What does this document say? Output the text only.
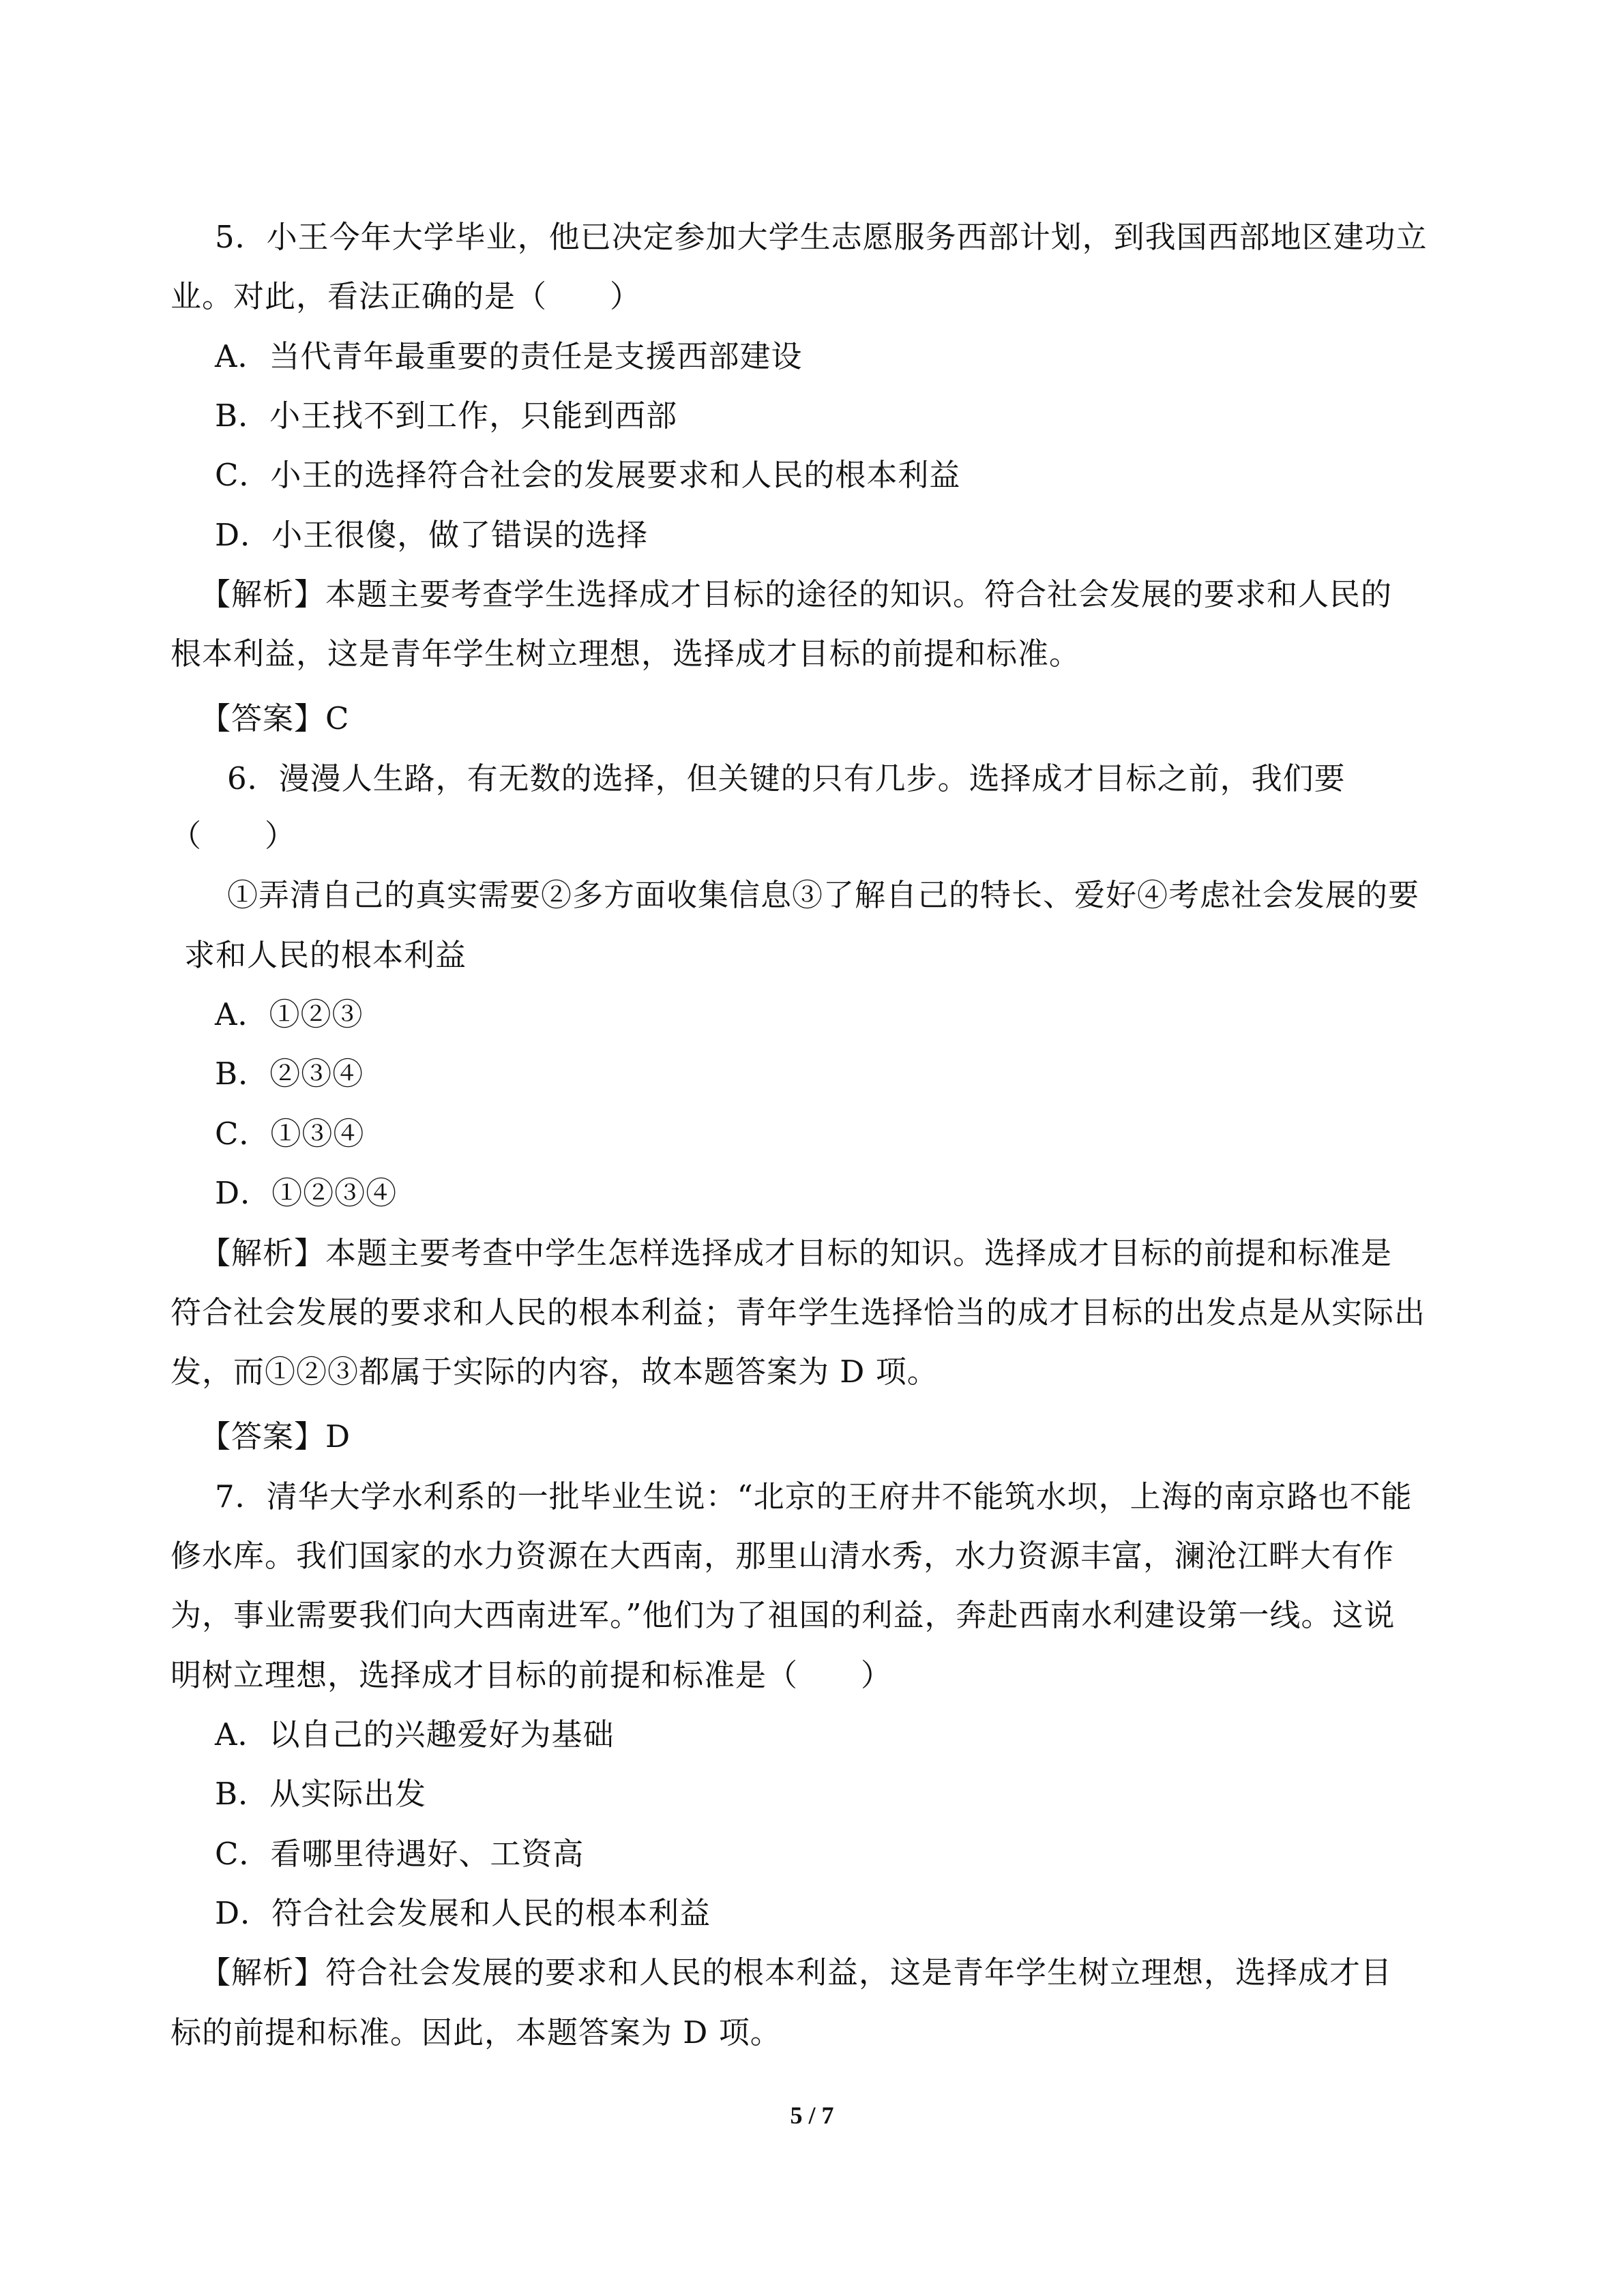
5．小王今年大学毕业，他已决定参加大学生志愿服务西部计划，到我国西部地区建功立
业。对此，看法正确的是（　　）
A．当代青年最重要的责任是支援西部建设
B．小王找不到工作，只能到西部
C．小王的选择符合社会的发展要求和人民的根本利益
D．小王很傻，做了错误的选择
【解析】本题主要考查学生选择成才目标的途径的知识。符合社会发展的要求和人民的
根本利益，这是青年学生树立理想，选择成才目标的前提和标准。
【答案】C
6．漫漫人生路，有无数的选择，但关键的只有几步。选择成才目标之前，我们要
（　　）
①弄清自己的真实需要②多方面收集信息③了解自己的特长、爱好④考虑社会发展的要
求和人民的根本利益
A．①②③
B．②③④
C．①③④
D．①②③④
【解析】本题主要考查中学生怎样选择成才目标的知识。选择成才目标的前提和标准是
符合社会发展的要求和人民的根本利益；青年学生选择恰当的成才目标的出发点是从实际出
发，而①②③都属于实际的内容，故本题答案为 D 项。
【答案】D
7．清华大学水利系的一批毕业生说：“北京的王府井不能筑水坝，上海的南京路也不能
修水库。我们国家的水力资源在大西南，那里山清水秀，水力资源丰富，澜沧江畔大有作
为，事业需要我们向大西南进军。”他们为了祖国的利益，奔赴西南水利建设第一线。这说
明树立理想，选择成才目标的前提和标准是（　　）
A．以自己的兴趣爱好为基础
B．从实际出发
C．看哪里待遇好、工资高
D．符合社会发展和人民的根本利益
【解析】符合社会发展的要求和人民的根本利益，这是青年学生树立理想，选择成才目
标的前提和标准。因此，本题答案为 D 项。
5 / 7
